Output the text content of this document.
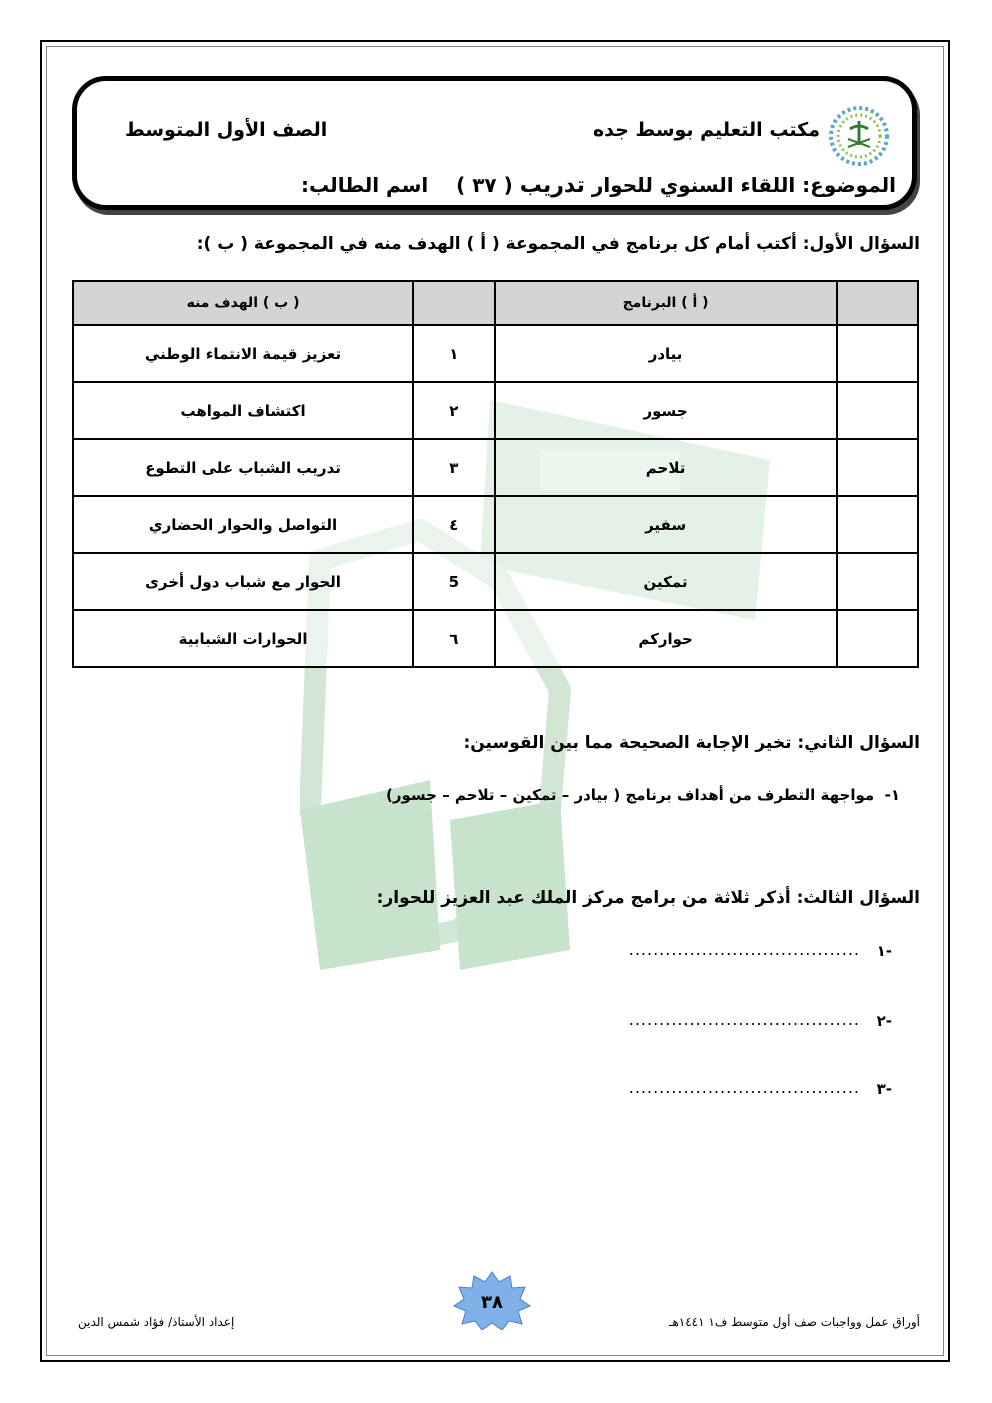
مكتب التعليم بوسط جده
الصف الأول المتوسط
الموضوع: اللقاء السنوي للحوار تدريب ( ٣٧ )    اسم الطالب:
السؤال الأول: أكتب أمام كل برنامج في المجموعة ( أ ) الهدف منه في المجموعة ( ب ):
	( أ ) البرنامج		( ب ) الهدف منه
	بيادر	١	تعزيز قيمة الانتماء الوطني
	جسور	٢	اكتشاف المواهب
	تلاحم	٣	تدريب الشباب على التطوع
	سفير	٤	التواصل والحوار الحضاري
	تمكين	5	الحوار مع شباب دول أخرى
	حواركم	٦	الحوارات الشبابية
السؤال الثاني: تخير الإجابة الصحيحة مما بين القوسين:
١-  مواجهة التطرف من أهداف برنامج ( بيادر – تمكين – تلاحم – جسور)
السؤال الثالث: أذكر ثلاثة من برامج مركز الملك عبد العزيز للحوار:
-١
......................................
-٢
......................................
-٣
......................................
٣٨
إعداد الأستاذ/ فؤاد شمس الدين	أوراق عمل وواجبات صف أول متوسط ف١ ١٤٤١هـ
